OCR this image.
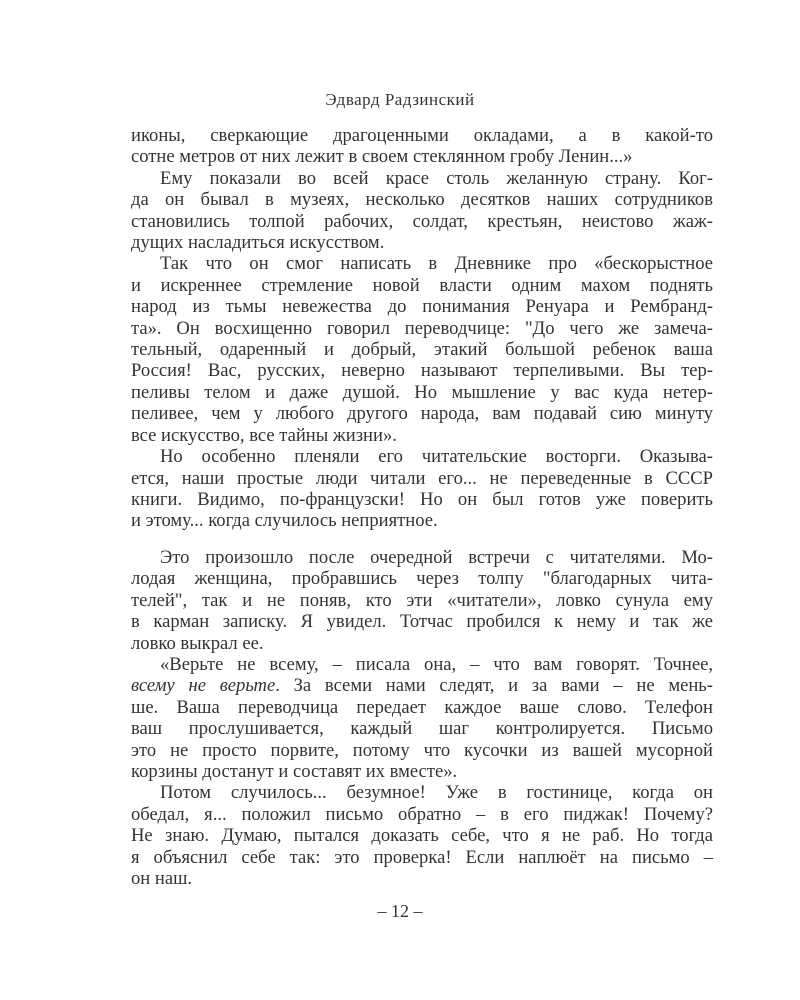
Эдвард Радзинский
иконы, сверкающие драгоценными окладами, а в какой-то
сотне метров от них лежит в своем стеклянном гробу Ленин...»
Ему показали во всей красе столь желанную страну. Ког-
да он бывал в музеях, несколько десятков наших сотрудников
становились толпой рабочих, солдат, крестьян, неистово жаж-
дущих насладиться искусством.
Так что он смог написать в Дневнике про «бескорыстное
и искреннее стремление новой власти одним махом поднять
народ из тьмы невежества до понимания Ренуара и Рембранд-
та». Он восхищенно говорил переводчице: "До чего же замеча-
тельный, одаренный и добрый, этакий большой ребенок ваша
Россия! Вас, русских, неверно называют терпеливыми. Вы тер-
пеливы телом и даже душой. Но мышление у вас куда нетер-
пеливее, чем у любого другого народа, вам подавай сию минуту
все искусство, все тайны жизни».
Но особенно пленяли его читательские восторги. Оказыва-
ется, наши простые люди читали его... не переведенные в СССР
книги. Видимо, по-французски! Но он был готов уже поверить
и этому... когда случилось неприятное.
Это произошло после очередной встречи с читателями. Мо-
лодая женщина, пробравшись через толпу "благодарных чита-
телей", так и не поняв, кто эти «читатели», ловко сунула ему
в карман записку. Я увидел. Тотчас пробился к нему и так же
ловко выкрал ее.
«Верьте не всему, – писала она, – что вам говорят. Точнее,
всему не верьте. За всеми нами следят, и за вами – не мень-
ше. Ваша переводчица передает каждое ваше слово. Телефон
ваш прослушивается, каждый шаг контролируется. Письмо
это не просто порвите, потому что кусочки из вашей мусорной
корзины достанут и составят их вместе».
Потом случилось... безумное! Уже в гостинице, когда он
обедал, я... положил письмо обратно – в его пиджак! Почему?
Не знаю. Думаю, пытался доказать себе, что я не раб. Но тогда
я объяснил себе так: это проверка! Если наплюёт на письмо –
он наш.
– 12 –
